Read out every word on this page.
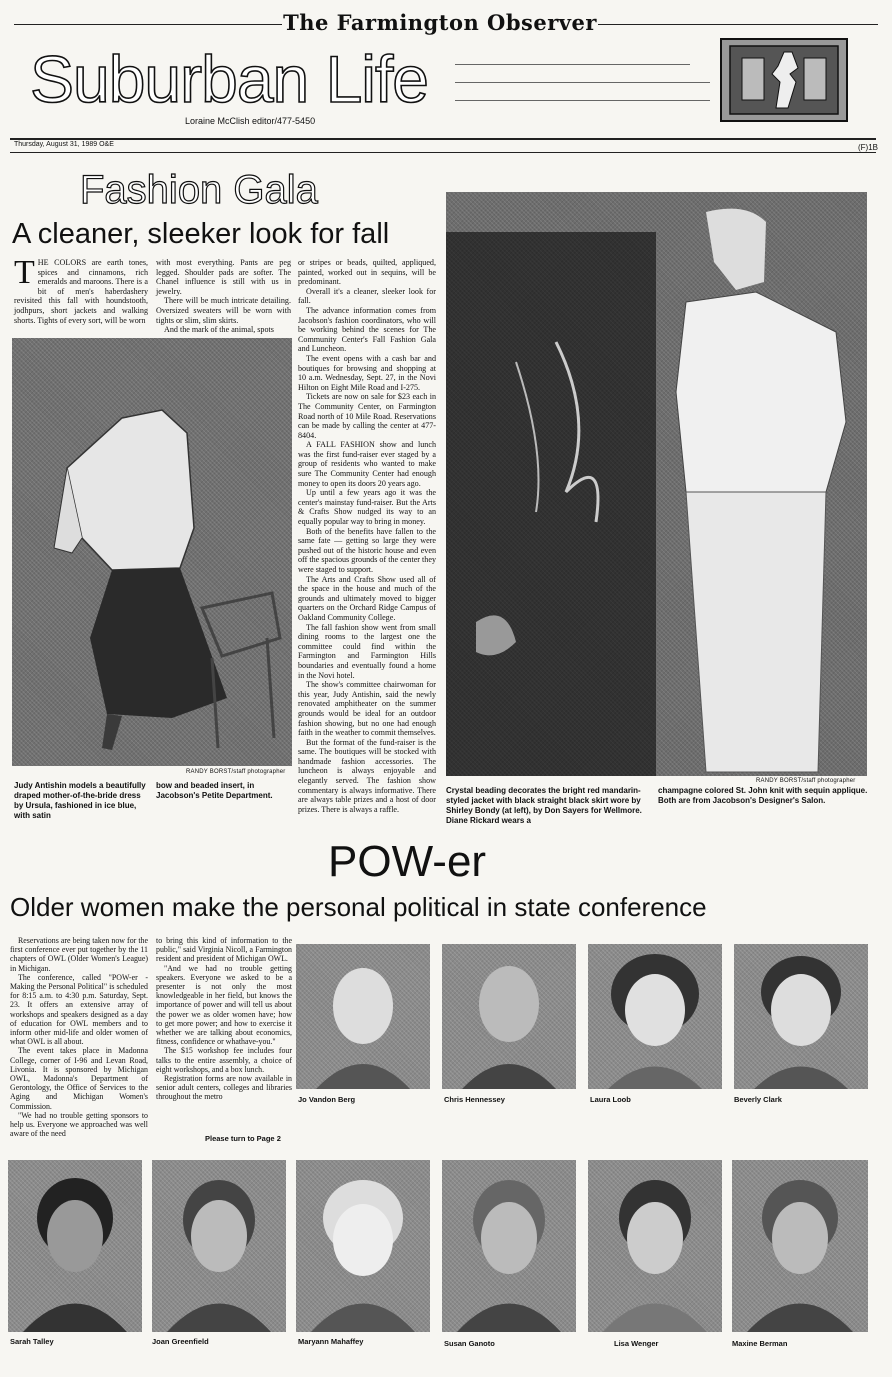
The Farmington Observer
Suburban Life
Loraine McClish editor/477-5450
Thursday, August 31, 1989 O&E	(F)1B
Fashion Gala
A cleaner, sleeker look for fall
THE COLORS are earth tones, spices and cinnamons, rich emeralds and maroons. There is a bit of men's haberdashery revisited this fall with houndstooth, jodhpurs, short jackets and walking shorts. Tights of every sort, will be worn

with most everything. Pants are peg legged. Shoulder pads are softer. The Chanel influence is still with us in jewelry.

There will be much intricate detailing. Oversized sweaters will be worn with tights or slim, slim skirts.

And the mark of the animal, spots

or stripes or beads, quilted, appliqued, painted, worked out in sequins, will be predominant.

Overall it's a cleaner, sleeker look for fall.

The advance information comes from Jacobson's fashion coordinators, who will be working behind the scenes for The Community Center's Fall Fashion Gala and Luncheon.

The event opens with a cash bar and boutiques for browsing and shopping at 10 a.m. Wednesday, Sept. 27, in the Novi Hilton on Eight Mile Road and I-275.

Tickets are now on sale for $23 each in The Community Center, on Farmington Road north of 10 Mile Road. Reservations can be made by calling the center at 477-8404.

A FALL FASHION show and lunch was the first fund-raiser ever staged by a group of residents who wanted to make sure The Community Center had enough money to open its doors 20 years ago.

Up until a few years ago it was the center's mainstay fund-raiser. But the Arts & Crafts Show nudged its way to an equally popular way to bring in money.

Both of the benefits have fallen to the same fate — getting so large they were pushed out of the historic house and even off the spacious grounds of the center they were staged to support.

The Arts and Crafts Show used all of the space in the house and much of the grounds and ultimately moved to bigger quarters on the Orchard Ridge Campus of Oakland Community College.

The fall fashion show went from small dining rooms to the largest one the committee could find within the Farmington and Farmington Hills boundaries and eventually found a home in the Novi hotel.

The show's committee chairwoman for this year, Judy Antishin, said the newly renovated amphitheater on the summer grounds would be ideal for an outdoor fashion showing, but no one had enough faith in the weather to commit themselves.

But the format of the fund-raiser is the same. The boutiques will be stocked with handmade fashion accessories. The luncheon is always enjoyable and elegantly served. The fashion show commentary is always informative. There are always table prizes and a host of door prizes. There is always a raffle.

RANDY BORST/staff photographer
Judy Antishin models a beautifully draped mother-of-the-bride dress by Ursula, fashioned in ice blue, with satin
bow and beaded insert, in Jacobson's Petite Department.
RANDY BORST/staff photographer
Crystal beading decorates the bright red mandarin-styled jacket with black straight black skirt wore by Shirley Bondy (at left), by Don Sayers for Wellmore. Diane Rickard wears a
champagne colored St. John knit with sequin applique. Both are from Jacobson's Designer's Salon.
POW-er
Older women make the personal political in state conference

Reservations are being taken now for the first conference ever put together by the 11 chapters of OWL (Older Women's League) in Michigan.

The conference, called "POW-er - Making the Personal Political" is scheduled for 8:15 a.m. to 4:30 p.m. Saturday, Sept. 23. It offers an extensive array of workshops and speakers designed as a day of education for OWL members and to inform other mid-life and older women of what OWL is all about.

The event takes place in Madonna College, corner of I-96 and Levan Road, Livonia. It is sponsored by Michigan OWL, Madonna's Department of Gerontology, the Office of Services to the Aging and Michigan Women's Commission.

"We had no trouble getting sponsors to help us. Everyone we approached was well aware of the need

to bring this kind of information to the public," said Virginia Nicoll, a Farmington resident and president of Michigan OWL.

"And we had no trouble getting speakers. Everyone we asked to be a presenter is not only the most knowledgeable in her field, but knows the importance of power and will tell us about the power we as older women have; how to get more power; and how to exercise it whether we are talking about economics, fitness, confidence or whathave-you."

The $15 workshop fee includes four talks to the entire assembly, a choice of eight workshops, and a box lunch.

Registration forms are now available in senior adult centers, colleges and libraries throughout the metro

Please turn to Page 2
Jo Vandon Berg	Chris Hennessey	Laura Loob	Beverly Clark
Sarah Talley	Joan Greenfield	Maryann Mahaffey	Susan Ganoto	Lisa Wenger	Maxine Berman
